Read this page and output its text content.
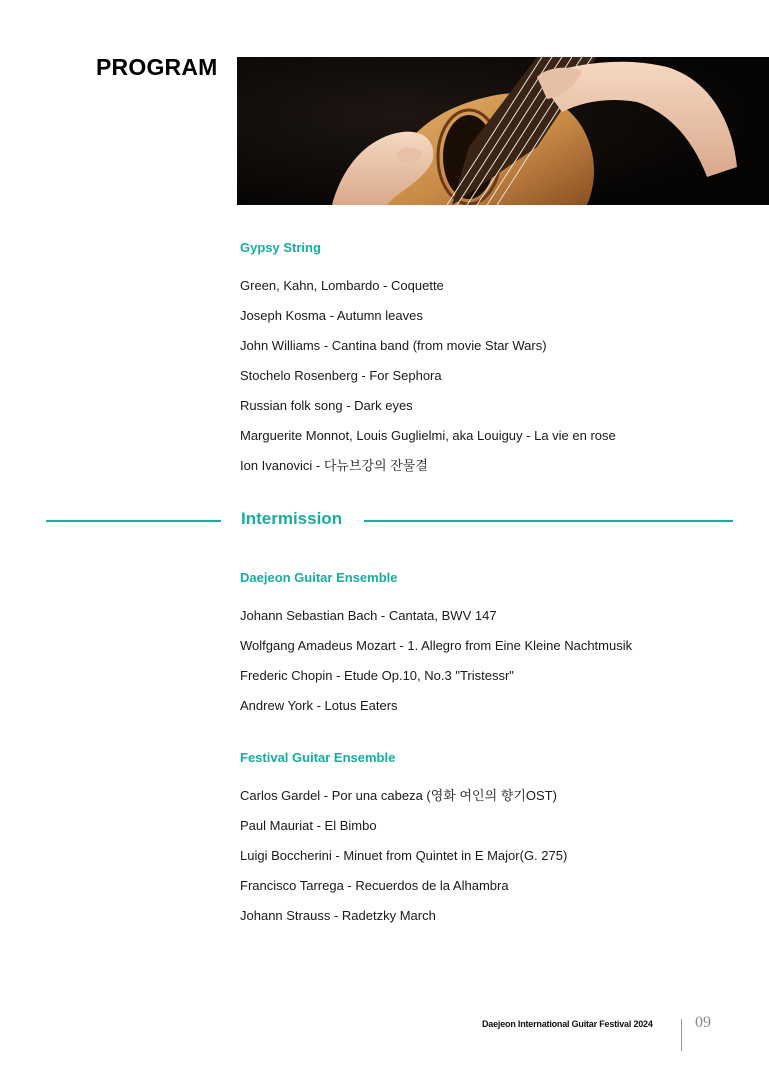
PROGRAM
Gypsy String
Green, Kahn, Lombardo - Coquette
Joseph Kosma - Autumn leaves
John Williams - Cantina band (from movie Star Wars)
Stochelo Rosenberg - For Sephora
Russian folk song - Dark eyes
Marguerite Monnot, Louis Guglielmi, aka Louiguy - La vie en rose
Ion Ivanovici - 다뉴브강의 잔물결
Intermission
Daejeon Guitar Ensemble
Johann Sebastian Bach - Cantata, BWV 147
Wolfgang Amadeus Mozart - 1. Allegro from Eine Kleine Nachtmusik
Frederic Chopin - Etude Op.10, No.3 "Tristessr"
Andrew York - Lotus Eaters
Festival Guitar Ensemble
Carlos Gardel - Por una cabeza (영화 여인의 향기OST)
Paul Mauriat - El Bimbo
Luigi Boccherini - Minuet from Quintet in E Major(G. 275)
Francisco Tarrega - Recuerdos de la Alhambra
Johann Strauss - Radetzky March
Daejeon International Guitar Festival 2024	09
